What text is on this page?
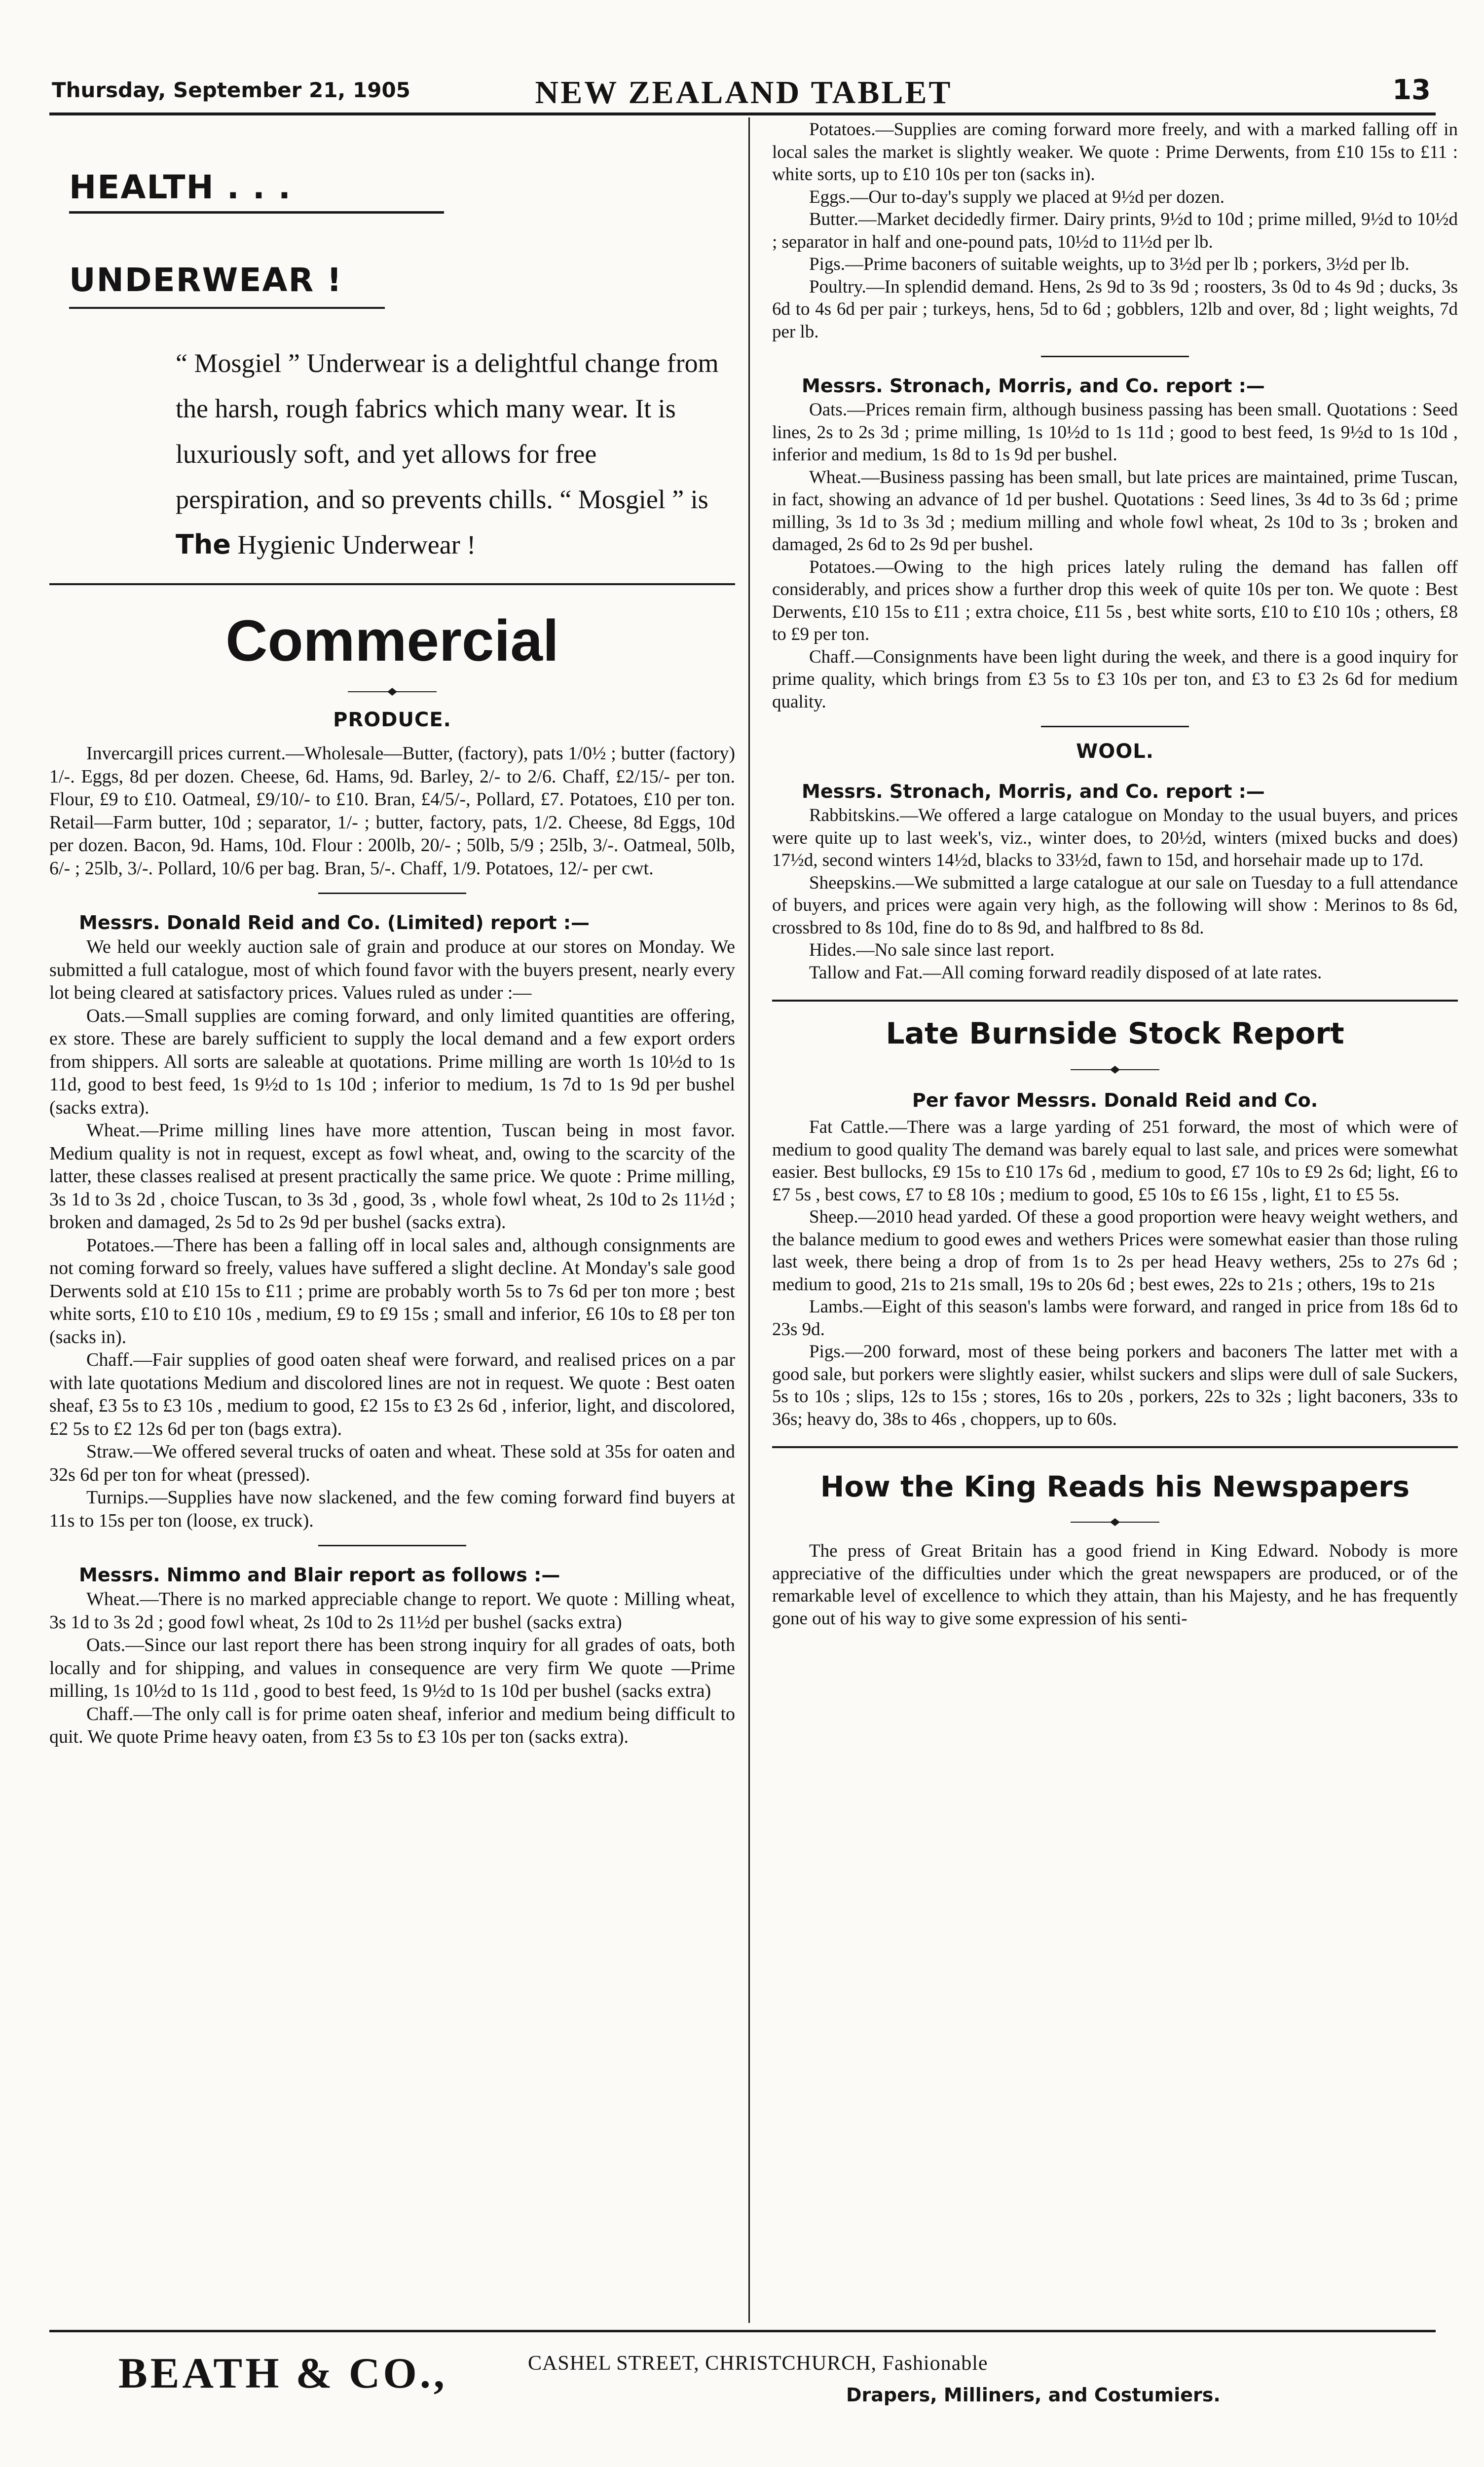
Thursday, September 21, 1905	NEW ZEALAND TABLET	13
HEALTH . . .
UNDERWEAR !
“ Mosgiel ” Underwear is a delightful change from the harsh, rough fabrics which many wear. It is luxuriously soft, and yet allows for free perspiration, and so prevents chills. “ Mosgiel ” is The Hygienic Underwear !
Commercial
PRODUCE.

Invercargill prices current.—Wholesale—Butter, (factory), pats 1/0½ ; butter (factory) 1/-. Eggs, 8d per dozen. Cheese, 6d. Hams, 9d. Barley, 2/- to 2/6. Chaff, £2/15/- per ton. Flour, £9 to £10. Oatmeal, £9/10/- to £10. Bran, £4/5/-, Pollard, £7. Potatoes, £10 per ton. Retail—Farm butter, 10d ; separator, 1/- ; butter, factory, pats, 1/2. Cheese, 8d Eggs, 10d per dozen. Bacon, 9d. Hams, 10d. Flour : 200lb, 20/- ; 50lb, 5/9 ; 25lb, 3/-. Oatmeal, 50lb, 6/- ; 25lb, 3/-. Pollard, 10/6 per bag. Bran, 5/-. Chaff, 1/9. Potatoes, 12/- per cwt.

Messrs. Donald Reid and Co. (Limited) report :—

We held our weekly auction sale of grain and produce at our stores on Monday. We submitted a full catalogue, most of which found favor with the buyers present, nearly every lot being cleared at satisfactory prices. Values ruled as under :—

Oats.—Small supplies are coming forward, and only limited quantities are offering, ex store. These are barely sufficient to supply the local demand and a few export orders from shippers. All sorts are saleable at quotations. Prime milling are worth 1s 10½d to 1s 11d, good to best feed, 1s 9½d to 1s 10d ; inferior to medium, 1s 7d to 1s 9d per bushel (sacks extra).

Wheat.—Prime milling lines have more attention, Tuscan being in most favor. Medium quality is not in request, except as fowl wheat, and, owing to the scarcity of the latter, these classes realised at present practically the same price. We quote : Prime milling, 3s 1d to 3s 2d , choice Tuscan, to 3s 3d , good, 3s , whole fowl wheat, 2s 10d to 2s 11½d ; broken and damaged, 2s 5d to 2s 9d per bushel (sacks extra).

Potatoes.—There has been a falling off in local sales and, although consignments are not coming forward so freely, values have suffered a slight decline. At Monday's sale good Derwents sold at £10 15s to £11 ; prime are probably worth 5s to 7s 6d per ton more ; best white sorts, £10 to £10 10s , medium, £9 to £9 15s ; small and inferior, £6 10s to £8 per ton (sacks in).

Chaff.—Fair supplies of good oaten sheaf were forward, and realised prices on a par with late quotations Medium and discolored lines are not in request. We quote : Best oaten sheaf, £3 5s to £3 10s , medium to good, £2 15s to £3 2s 6d , inferior, light, and discolored, £2 5s to £2 12s 6d per ton (bags extra).

Straw.—We offered several trucks of oaten and wheat. These sold at 35s for oaten and 32s 6d per ton for wheat (pressed).

Turnips.—Supplies have now slackened, and the few coming forward find buyers at 11s to 15s per ton (loose, ex truck).

Messrs. Nimmo and Blair report as follows :—

Wheat.—There is no marked appreciable change to report. We quote : Milling wheat, 3s 1d to 3s 2d ; good fowl wheat, 2s 10d to 2s 11½d per bushel (sacks extra)

Oats.—Since our last report there has been strong inquiry for all grades of oats, both locally and for shipping, and values in consequence are very firm We quote —Prime milling, 1s 10½d to 1s 11d , good to best feed, 1s 9½d to 1s 10d per bushel (sacks extra)

Chaff.—The only call is for prime oaten sheaf, inferior and medium being difficult to quit. We quote Prime heavy oaten, from £3 5s to £3 10s per ton (sacks extra).

Potatoes.—Supplies are coming forward more freely, and with a marked falling off in local sales the market is slightly weaker. We quote : Prime Derwents, from £10 15s to £11 : white sorts, up to £10 10s per ton (sacks in).

Eggs.—Our to-day's supply we placed at 9½d per dozen.

Butter.—Market decidedly firmer. Dairy prints, 9½d to 10d ; prime milled, 9½d to 10½d ; separator in half and one-pound pats, 10½d to 11½d per lb.

Pigs.—Prime baconers of suitable weights, up to 3½d per lb ; porkers, 3½d per lb.

Poultry.—In splendid demand. Hens, 2s 9d to 3s 9d ; roosters, 3s 0d to 4s 9d ; ducks, 3s 6d to 4s 6d per pair ; turkeys, hens, 5d to 6d ; gobblers, 12lb and over, 8d ; light weights, 7d per lb.

Messrs. Stronach, Morris, and Co. report :—

Oats.—Prices remain firm, although business passing has been small. Quotations : Seed lines, 2s to 2s 3d ; prime milling, 1s 10½d to 1s 11d ; good to best feed, 1s 9½d to 1s 10d , inferior and medium, 1s 8d to 1s 9d per bushel.

Wheat.—Business passing has been small, but late prices are maintained, prime Tuscan, in fact, showing an advance of 1d per bushel. Quotations : Seed lines, 3s 4d to 3s 6d ; prime milling, 3s 1d to 3s 3d ; medium milling and whole fowl wheat, 2s 10d to 3s ; broken and damaged, 2s 6d to 2s 9d per bushel.

Potatoes.—Owing to the high prices lately ruling the demand has fallen off considerably, and prices show a further drop this week of quite 10s per ton. We quote : Best Derwents, £10 15s to £11 ; extra choice, £11 5s , best white sorts, £10 to £10 10s ; others, £8 to £9 per ton.

Chaff.—Consignments have been light during the week, and there is a good inquiry for prime quality, which brings from £3 5s to £3 10s per ton, and £3 to £3 2s 6d for medium quality.

WOOL.
Messrs. Stronach, Morris, and Co. report :—

Rabbitskins.—We offered a large catalogue on Monday to the usual buyers, and prices were quite up to last week's, viz., winter does, to 20½d, winters (mixed bucks and does) 17½d, second winters 14½d, blacks to 33½d, fawn to 15d, and horsehair made up to 17d.

Sheepskins.—We submitted a large catalogue at our sale on Tuesday to a full attendance of buyers, and prices were again very high, as the following will show : Merinos to 8s 6d, crossbred to 8s 10d, fine do to 8s 9d, and halfbred to 8s 8d.

Hides.—No sale since last report.

Tallow and Fat.—All coming forward readily disposed of at late rates.

Late Burnside Stock Report
Per favor Messrs. Donald Reid and Co.

Fat Cattle.—There was a large yarding of 251 forward, the most of which were of medium to good quality The demand was barely equal to last sale, and prices were somewhat easier. Best bullocks, £9 15s to £10 17s 6d , medium to good, £7 10s to £9 2s 6d; light, £6 to £7 5s , best cows, £7 to £8 10s ; medium to good, £5 10s to £6 15s , light, £1 to £5 5s.

Sheep.—2010 head yarded. Of these a good proportion were heavy weight wethers, and the balance medium to good ewes and wethers Prices were somewhat easier than those ruling last week, there being a drop of from 1s to 2s per head Heavy wethers, 25s to 27s 6d ; medium to good, 21s to 21s small, 19s to 20s 6d ; best ewes, 22s to 21s ; others, 19s to 21s

Lambs.—Eight of this season's lambs were forward, and ranged in price from 18s 6d to 23s 9d.

Pigs.—200 forward, most of these being porkers and baconers The latter met with a good sale, but porkers were slightly easier, whilst suckers and slips were dull of sale Suckers, 5s to 10s ; slips, 12s to 15s ; stores, 16s to 20s , porkers, 22s to 32s ; light baconers, 33s to 36s; heavy do, 38s to 46s , choppers, up to 60s.

How the King Reads his Newspapers

The press of Great Britain has a good friend in King Edward. Nobody is more appreciative of the difficulties under which the great newspapers are produced, or of the remarkable level of excellence to which they attain, than his Majesty, and he has frequently gone out of his way to give some expression of his senti-

BEATH & CO.,	CASHEL STREET, CHRISTCHURCH, Fashionable
Drapers, Milliners, and Costumiers.
